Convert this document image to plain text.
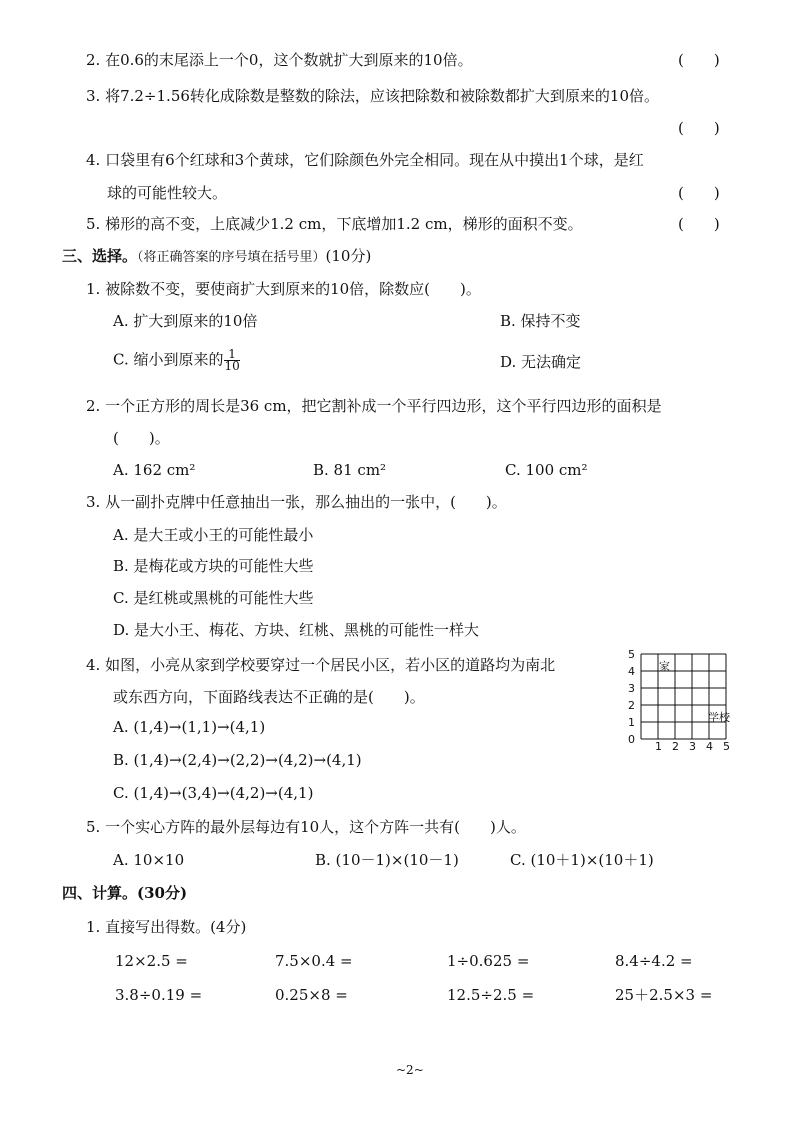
2. 在0.6的末尾添上一个0，这个数就扩大到原来的10倍。	(　　)
3. 将7.2÷1.56转化成除数是整数的除法，应该把除数和被除数都扩大到原来的10倍。
(　　)
4. 口袋里有6个红球和3个黄球，它们除颜色外完全相同。现在从中摸出1个球，是红
球的可能性较大。	(　　)
5. 梯形的高不变，上底减少1.2 cm，下底增加1.2 cm，梯形的面积不变。	(　　)
三、选择。（将正确答案的序号填在括号里）(10分)
1. 被除数不变，要使商扩大到原来的10倍，除数应(　　)。
A. 扩大到原来的10倍	B. 保持不变
C. 缩小到原来的 $\frac{1}{10}$	D. 无法确定
2. 一个正方形的周长是36 cm，把它割补成一个平行四边形，这个平行四边形的面积是
(　　)。
A. 162 cm²	B. 81 cm²	C. 100 cm²
3. 从一副扑克牌中任意抽出一张，那么抽出的一张中，(　　)。
A. 是大王或小王的可能性最小
B. 是梅花或方块的可能性大些
C. 是红桃或黑桃的可能性大些
D. 是大小王、梅花、方块、红桃、黑桃的可能性一样大
4. 如图，小亮从家到学校要穿过一个居民小区，若小区的道路均为南北
或东西方向，下面路线表达不正确的是(　　)。
A. (1,4)→(1,1)→(4,1)
B. (1,4)→(2,4)→(2,2)→(4,2)→(4,1)
C. (1,4)→(3,4)→(4,2)→(4,1)
5
4
3
2
1
0
1 2 3 4 5
家
学校
5. 一个实心方阵的最外层每边有10人，这个方阵一共有(　　)人。
A. 10×10	B. (10－1)×(10－1)	C. (10＋1)×(10＋1)
四、计算。(30分)
1. 直接写出得数。(4分)
12×2.5 =	7.5×0.4 =	1÷0.625 =	8.4÷4.2 =
3.8÷0.19 =	0.25×8 =	12.5÷2.5 =	25＋2.5×3 =
~2~
